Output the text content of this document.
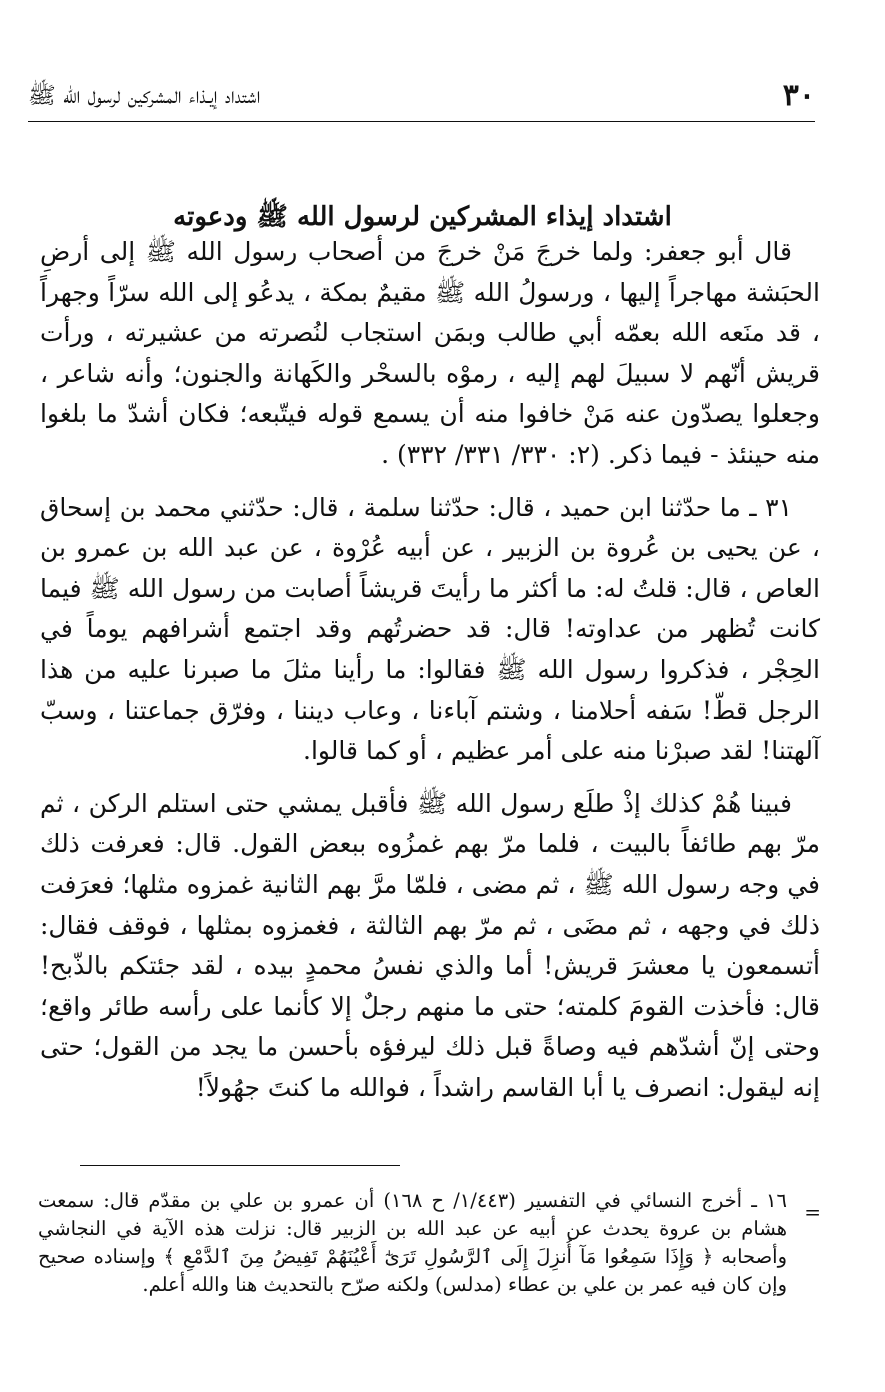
٣٠
اشتداد إيـذاء المشركين لرسول الله ﷺ
اشتداد إيذاء المشركين لرسول الله ﷺ ودعوته

قال أبو جعفر: ولما خرجَ مَنْ خرجَ من أصحاب رسول الله ﷺ إلى أرضِ الحبَشة مهاجراً إليها ، ورسولُ الله ﷺ مقيمٌ بمكة ، يدعُو إلى الله سرّاً وجهراً ، قد منَعه الله بعمّه أبي طالب وبمَن استجاب لنُصرته من عشيرته ، ورأت قريش أنّهم لا سبيلَ لهم إليه ، رموْه بالسحْر والكَهانة والجنون؛ وأنه شاعر ، وجعلوا يصدّون عنه مَنْ خافوا منه أن يسمع قوله فيتّبعه؛ فكان أشدّ ما بلغوا منه حينئذ - فيما ذكر. (٢: ٣٣٠/ ٣٣١/ ٣٣٢) .

٣١ ـ ما حدّثنا ابن حميد ، قال: حدّثنا سلمة ، قال: حدّثني محمد بن إسحاق ، عن يحيى بن عُروة بن الزبير ، عن أبيه عُرْوة ، عن عبد الله بن عمرو بن العاص ، قال: قلتُ له: ما أكثر ما رأيتَ قريشاً أصابت من رسول الله ﷺ فيما كانت تُظهر من عداوته! قال: قد حضرتُهم وقد اجتمع أشرافهم يوماً في الحِجْر ، فذكروا رسول الله ﷺ فقالوا: ما رأينا مثلَ ما صبرنا عليه من هذا الرجل قطّ! سَفه أحلامنا ، وشتم آباءنا ، وعاب ديننا ، وفرّق جماعتنا ، وسبّ آلهتنا! لقد صبرْنا منه على أمر عظيم ، أو كما قالوا.

فبينا هُمْ كذلك إذْ طلَع رسول الله ﷺ فأقبل يمشي حتى استلم الركن ، ثم مرّ بهم طائفاً بالبيت ، فلما مرّ بهم غمزُوه ببعض القول. قال: فعرفت ذلك في وجه رسول الله ﷺ ، ثم مضى ، فلمّا مرَّ بهم الثانية غمزوه مثلها؛ فعرَفت ذلك في وجهه ، ثم مضَى ، ثم مرّ بهم الثالثة ، فغمزوه بمثلها ، فوقف فقال: أتسمعون يا معشرَ قريش! أما والذي نفسُ محمدٍ بيده ، لقد جئتكم بالذّبح! قال: فأخذت القومَ كلمته؛ حتى ما منهم رجلٌ إلا كأنما على رأسه طائر واقع؛ وحتى إنّ أشدّهم فيه وصاةً قبل ذلك ليرفؤه بأحسن ما يجد من القول؛ حتى إنه ليقول: انصرف يا أبا القاسم راشداً ، فوالله ما كنتَ جهُولاً!

=

١٦ ـ أخرج النسائي في التفسير (١/٤٤٣/ ح ١٦٨) أن عمرو بن علي بن مقدّم قال: سمعت هشام بن عروة يحدث عن أبيه عن عبد الله بن الزبير قال: نزلت هذه الآية في النجاشي وأصحابه ﴿ وَإِذَا سَمِعُوا مَآ أُنزِلَ إِلَى ٱلرَّسُولِ تَرَىٰٓ أَعْيُنَهُمْ تَفِيضُ مِنَ ٱلدَّمْعِ ﴾ وإسناده صحيح وإن كان فيه عمر بن علي بن عطاء (مدلس) ولكنه صرّح بالتحديث هنا والله أعلم.
